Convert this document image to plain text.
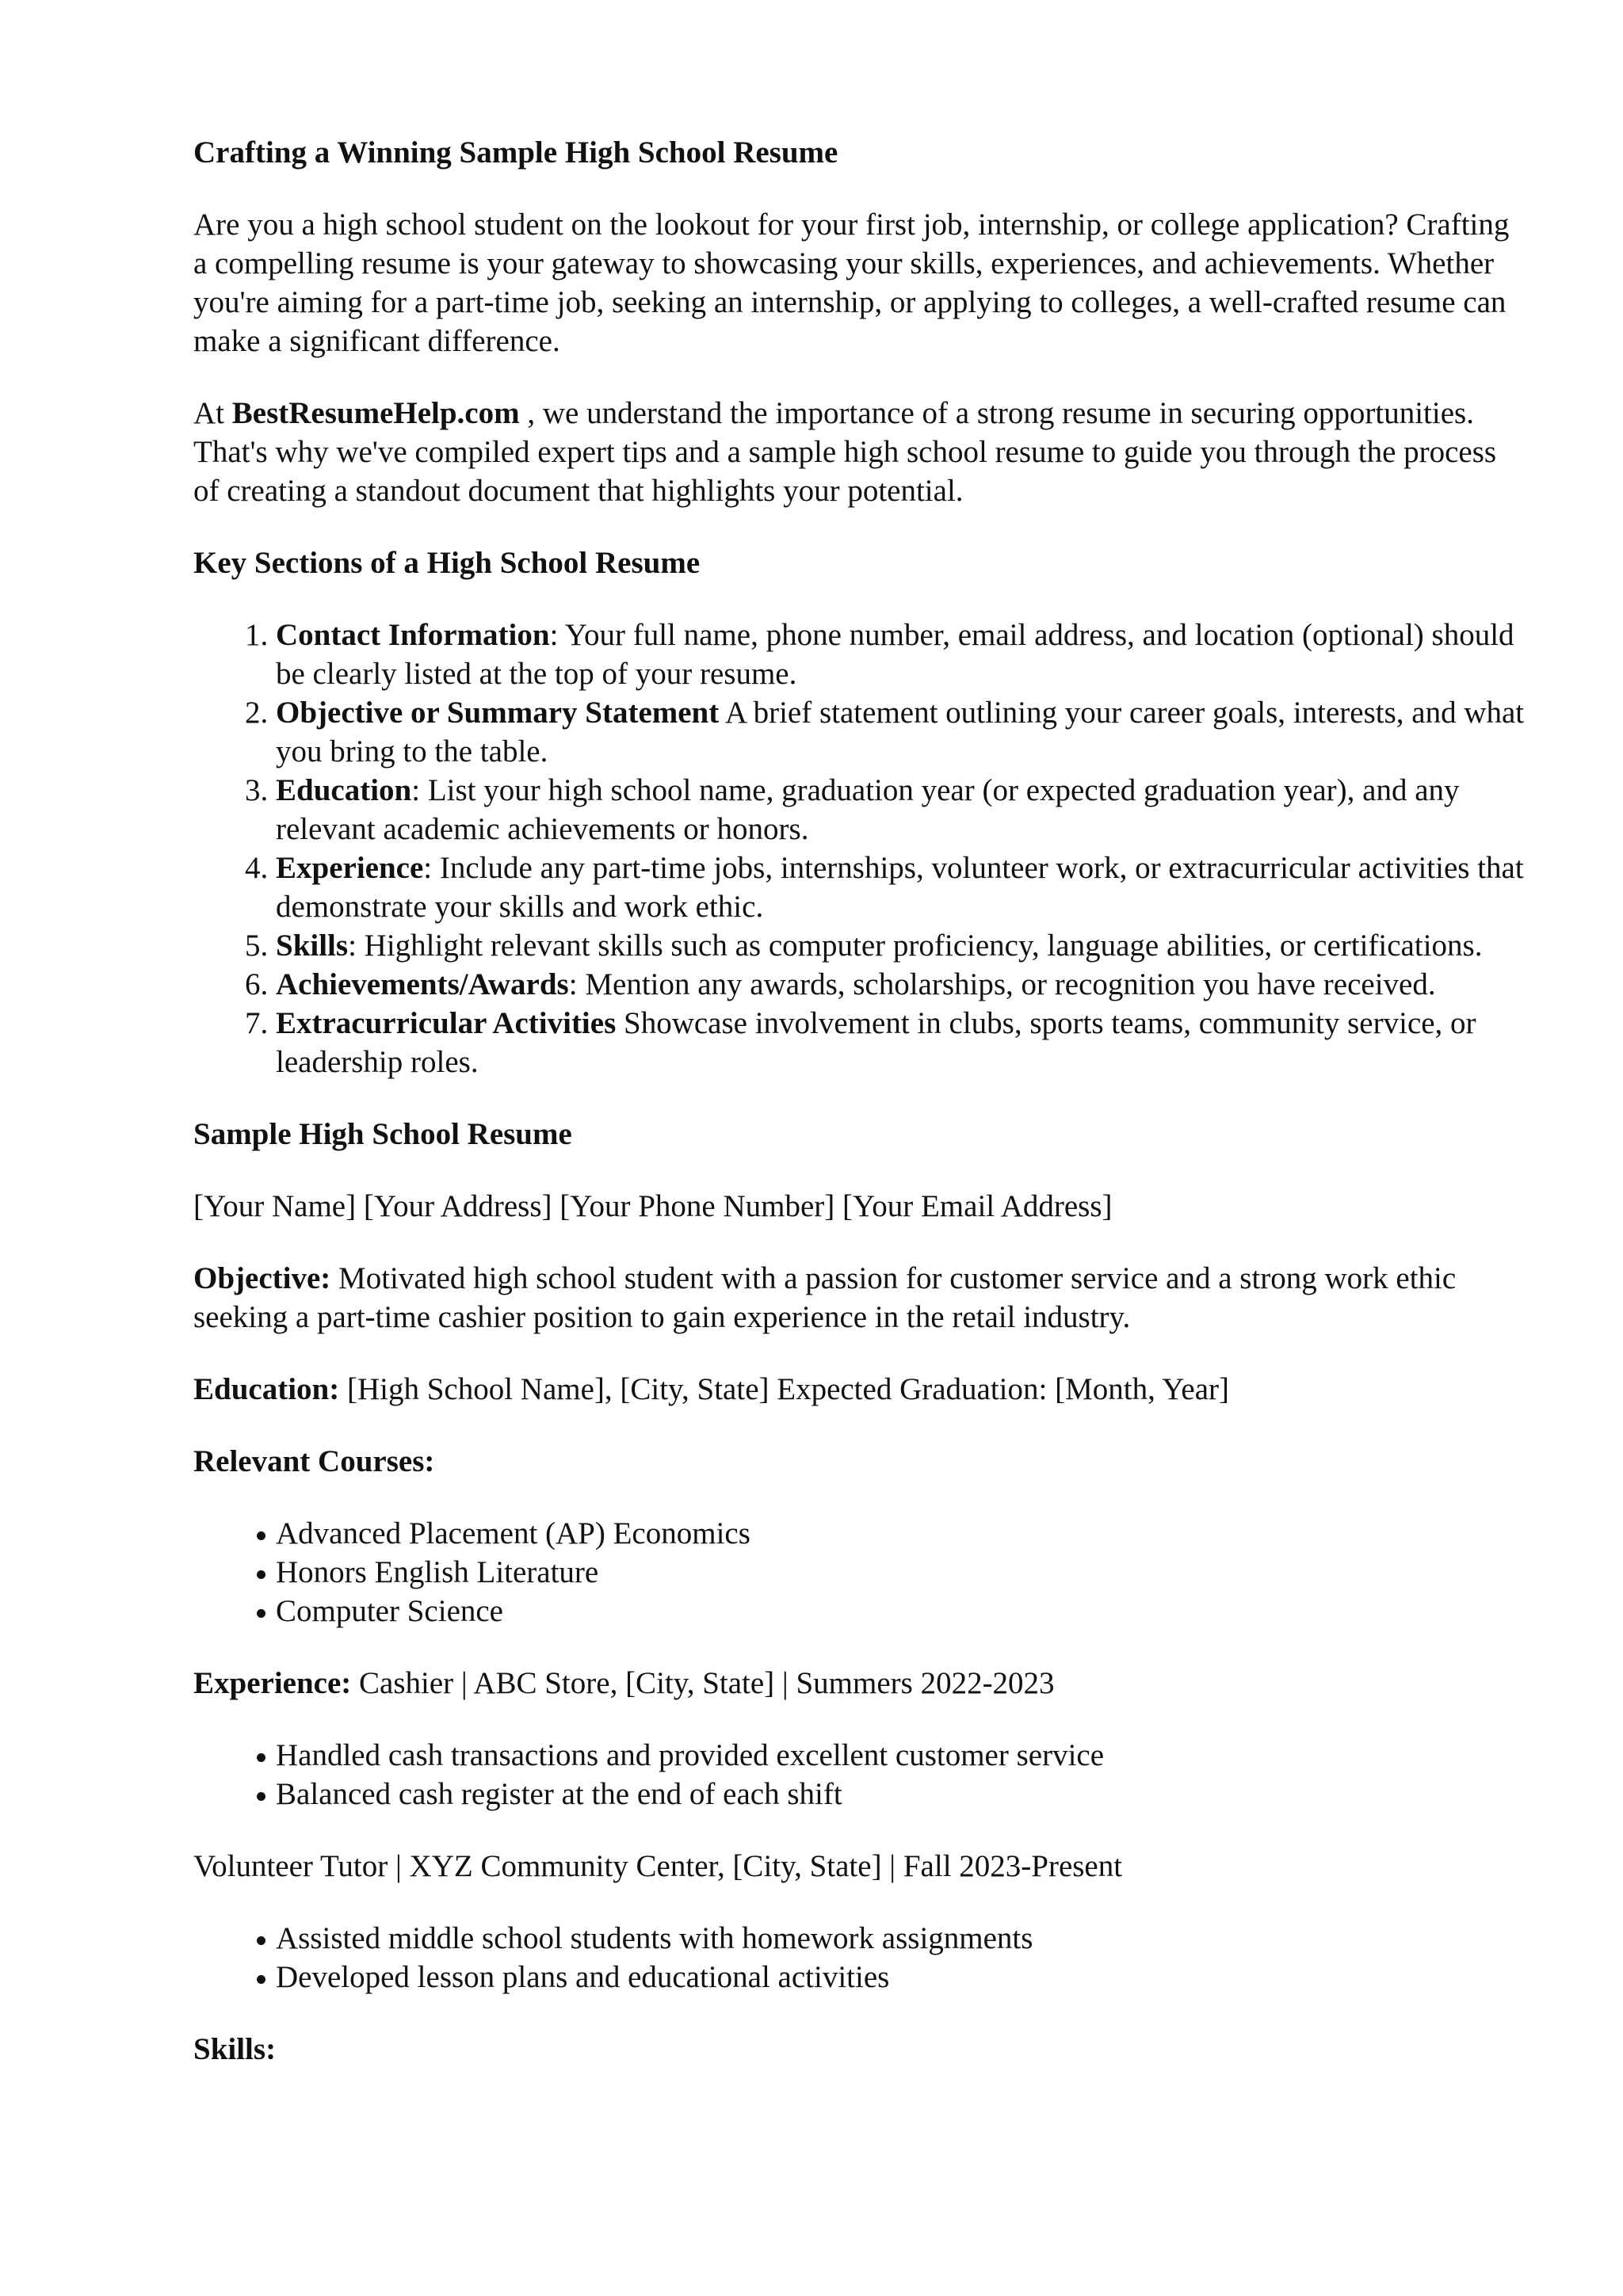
Crafting a Winning Sample High School Resume

Are you a high school student on the lookout for your first job, internship, or college application? Crafting a compelling resume is your gateway to showcasing your skills, experiences, and achievements. Whether you're aiming for a part-time job, seeking an internship, or applying to colleges, a well-crafted resume can make a significant difference.

At BestResumeHelp.com , we understand the importance of a strong resume in securing opportunities. That's why we've compiled expert tips and a sample high school resume to guide you through the process of creating a standout document that highlights your potential.

Key Sections of a High School Resume
1. Contact Information: Your full name, phone number, email address, and location (optional) should be clearly listed at the top of your resume.
2. Objective or Summary Statement A brief statement outlining your career goals, interests, and what you bring to the table.
3. Education: List your high school name, graduation year (or expected graduation year), and any relevant academic achievements or honors.
4. Experience: Include any part-time jobs, internships, volunteer work, or extracurricular activities that demonstrate your skills and work ethic.
5. Skills: Highlight relevant skills such as computer proficiency, language abilities, or certifications.
6. Achievements/Awards: Mention any awards, scholarships, or recognition you have received.
7. Extracurricular Activities Showcase involvement in clubs, sports teams, community service, or leadership roles.
Sample High School Resume

[Your Name] [Your Address] [Your Phone Number] [Your Email Address]

Objective: Motivated high school student with a passion for customer service and a strong work ethic seeking a part-time cashier position to gain experience in the retail industry.

Education: [High School Name], [City, State] Expected Graduation: [Month, Year]

Relevant Courses:
Advanced Placement (AP) Economics
Honors English Literature
Computer Science

Experience: Cashier | ABC Store, [City, State] | Summers 2022-2023

Handled cash transactions and provided excellent customer service
Balanced cash register at the end of each shift

Volunteer Tutor | XYZ Community Center, [City, State] | Fall 2023-Present

Assisted middle school students with homework assignments
Developed lesson plans and educational activities
Skills:
